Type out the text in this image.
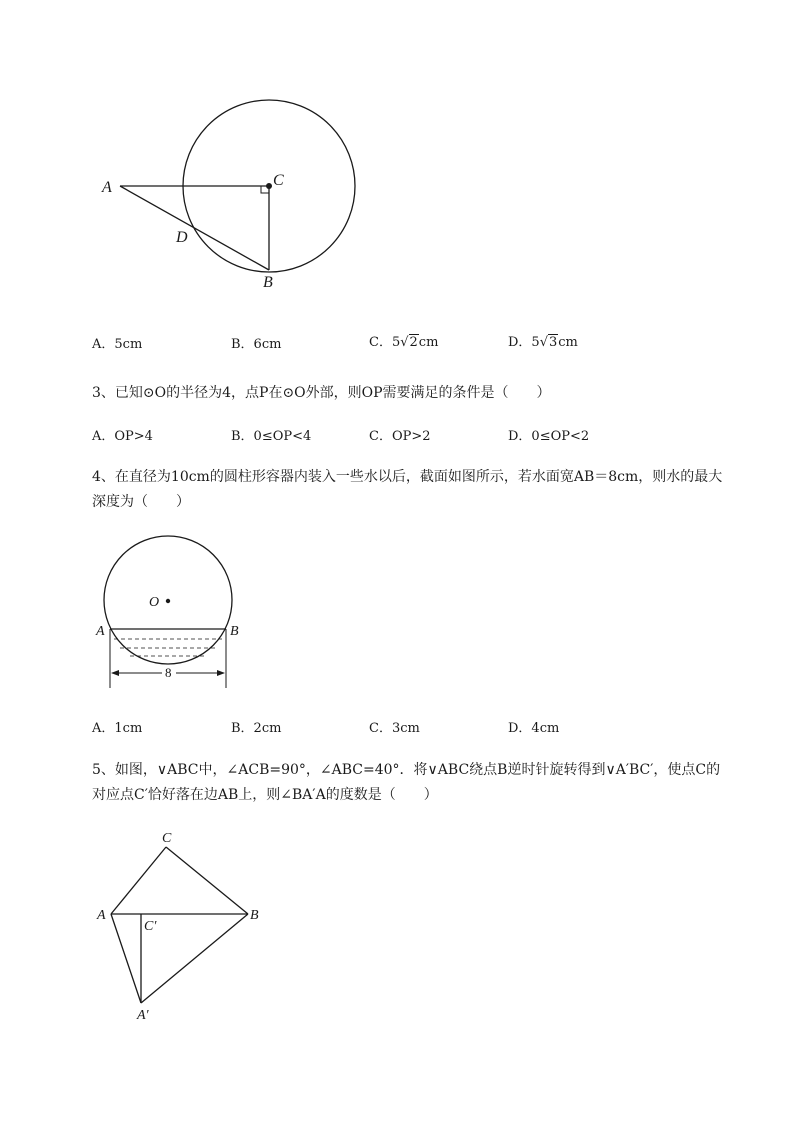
A	C
D
B
A．5cm	B．6cm	C．5√2cm	D．5√3cm
3、已知⊙O的半径为4，点P在⊙O外部，则OP需要满足的条件是（　　）
A．OP>4	B．0≤OP<4	C．OP>2	D．0≤OP<2
4、在直径为10cm的圆柱形容器内装入一些水以后，截面如图所示，若水面宽AB＝8cm，则水的最大
深度为（　　）
8
O
A	B
A．1cm	B．2cm	C．3cm	D．4cm
5、如图，∨ABC中，∠ACB=90°，∠ABC=40°．将∨ABC绕点B逆时针旋转得到∨A′BC′，使点C的
对应点C′恰好落在边AB上，则∠BA′A的度数是（　　）
C
A	B
C′
A′
